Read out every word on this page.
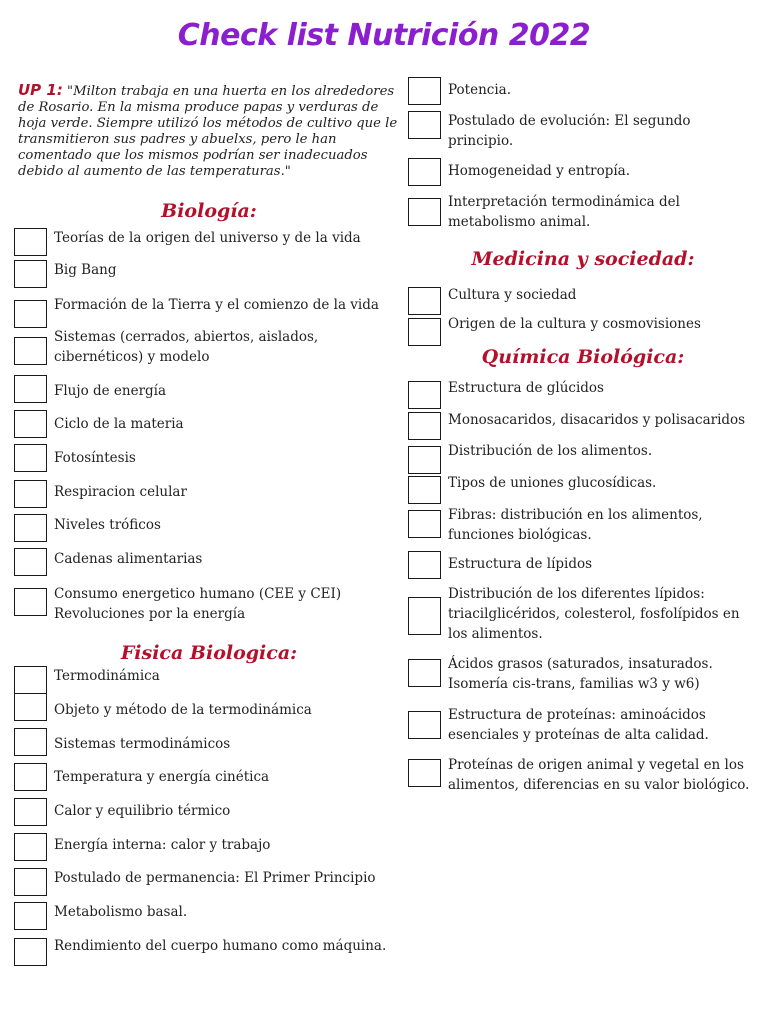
Check list Nutrición 2022
UP 1: "Milton trabaja en una huerta en los alrededores de Rosario. En la misma produce papas y verduras de hoja verde. Siempre utilizó los métodos de cultivo que le transmitieron sus padres y abuelxs, pero le han comentado que los mismos podrían ser inadecuados debido al aumento de las temperaturas."
Biología:
Fisica Biologica:
Medicina y sociedad:
Química Biológica:
Teorías de la origen del universo y de la vida
Big Bang
Formación de la Tierra y el comienzo de la vida
Sistemas (cerrados, abiertos, aislados,
cibernéticos) y modelo
Flujo de energía
Ciclo de la materia
Fotosíntesis
Respiracion celular
Niveles tróficos
Cadenas alimentarias
Consumo energetico humano (CEE y CEI)
Revoluciones por la energía
Termodinámica
Objeto y método de la termodinámica
Sistemas termodinámicos
Temperatura y energía cinética
Calor y equilibrio térmico
Energía interna: calor y trabajo
Postulado de permanencia: El Primer Principio
Metabolismo basal.
Rendimiento del cuerpo humano como máquina.
Potencia.
Postulado de evolución: El segundo
principio.
Homogeneidad y entropía.
Interpretación termodinámica del
metabolismo animal.
Cultura y sociedad
Origen de la cultura y cosmovisiones
Estructura de glúcidos
Monosacaridos, disacaridos y polisacaridos
Distribución de los alimentos.
Tipos de uniones glucosídicas.
Fibras: distribución en los alimentos,
funciones biológicas.
Estructura de lípidos
Distribución de los diferentes lípidos:
triacilglicéridos, colesterol, fosfolípidos en
los alimentos.
Ácidos grasos (saturados, insaturados.
Isomería cis-trans, familias w3 y w6)
Estructura de proteínas: aminoácidos
esenciales y proteínas de alta calidad.
Proteínas de origen animal y vegetal en los
alimentos, diferencias en su valor biológico.
